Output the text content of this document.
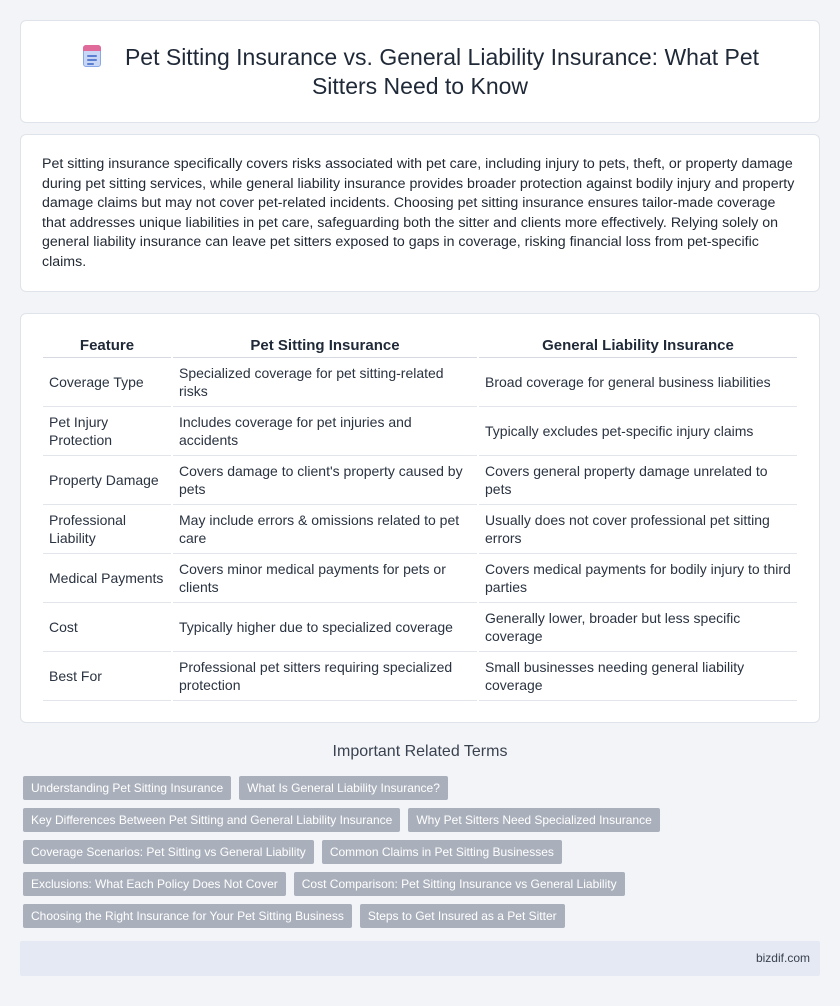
Pet Sitting Insurance vs. General Liability Insurance: What Pet Sitters Need to Know

Pet sitting insurance specifically covers risks associated with pet care, including injury to pets, theft, or property damage during pet sitting services, while general liability insurance provides broader protection against bodily injury and property damage claims but may not cover pet-related incidents. Choosing pet sitting insurance ensures tailor-made coverage that addresses unique liabilities in pet care, safeguarding both the sitter and clients more effectively. Relying solely on general liability insurance can leave pet sitters exposed to gaps in coverage, risking financial loss from pet-specific claims.

Feature	Pet Sitting Insurance	General Liability Insurance
Coverage Type	Specialized coverage for pet sitting-related risks	Broad coverage for general business liabilities
Pet Injury Protection	Includes coverage for pet injuries and accidents	Typically excludes pet-specific injury claims
Property Damage	Covers damage to client's property caused by pets	Covers general property damage unrelated to pets
Professional Liability	May include errors & omissions related to pet care	Usually does not cover professional pet sitting errors
Medical Payments	Covers minor medical payments for pets or clients	Covers medical payments for bodily injury to third parties
Cost	Typically higher due to specialized coverage	Generally lower, broader but less specific coverage
Best For	Professional pet sitters requiring specialized protection	Small businesses needing general liability coverage
Important Related Terms
Understanding Pet Sitting Insurance What Is General Liability Insurance?
Key Differences Between Pet Sitting and General Liability Insurance Why Pet Sitters Need Specialized Insurance
Coverage Scenarios: Pet Sitting vs General Liability Common Claims in Pet Sitting Businesses
Exclusions: What Each Policy Does Not Cover Cost Comparison: Pet Sitting Insurance vs General Liability
Choosing the Right Insurance for Your Pet Sitting Business Steps to Get Insured as a Pet Sitter
bizdif.com
